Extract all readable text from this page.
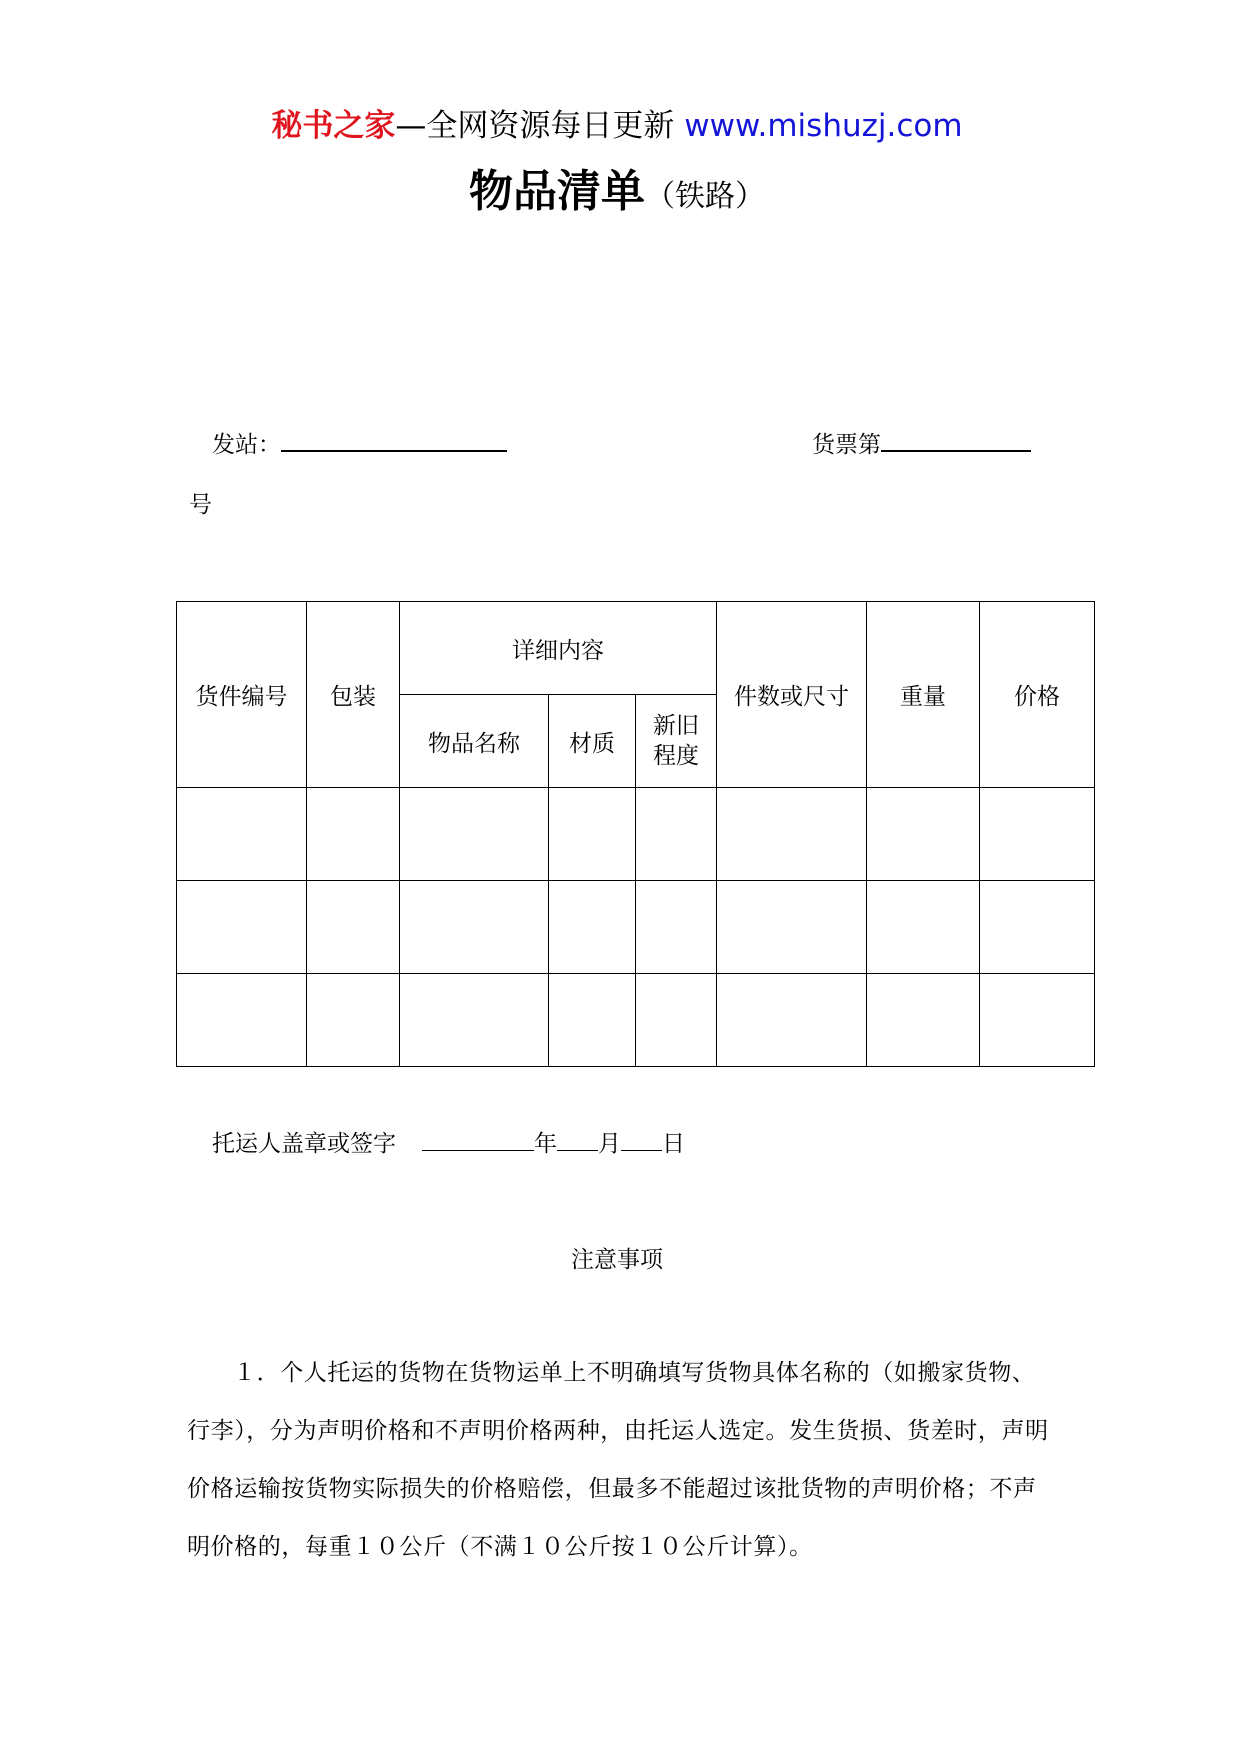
秘书之家—全网资源每日更新 www.mishuzj.com
物品清单（铁路）
发站：	货票第
号
货件编号	包装	详细内容			件数或尺寸	重量	价格
		物品名称	材质	新旧程度			

托运人盖章或签字	年 月 日
注意事项
１．个人托运的货物在货物运单上不明确填写货物具体名称的（如搬家货物、行李），分为声明价格和不声明价格两种，由托运人选定。发生货损、货差时，声明价格运输按货物实际损失的价格赔偿，但最多不能超过该批货物的声明价格；不声明价格的，每重１０公斤（不满１０公斤按１０公斤计算）。
